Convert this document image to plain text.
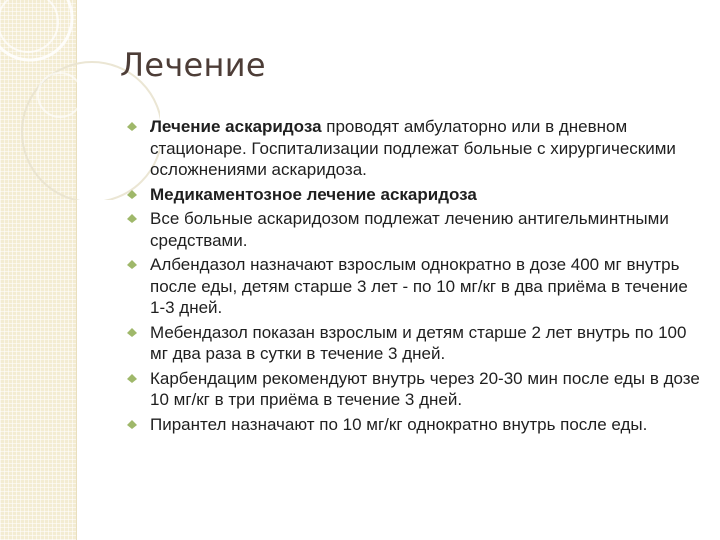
Лечение
Лечение аскаридоза проводят амбулаторно или в дневном стационаре. Госпитализации подлежат больные с хирургическими осложнениями аскаридоза.
Медикаментозное лечение аскаридоза
Все больные аскаридозом подлежат лечению антигельминтными средствами.
Албендазол назначают взрослым однократно в дозе 400 мг внутрь после еды, детям старше 3 лет - по 10 мг/кг в два приёма в течение 1-3 дней.
Мебендазол показан взрослым и детям старше 2 лет внутрь по 100 мг два раза в сутки в течение 3 дней.
Карбендацим рекомендуют внутрь через 20-30 мин после еды в дозе 10 мг/кг в три приёма в течение 3 дней.
Пирантел назначают по 10 мг/кг однократно внутрь после еды.
